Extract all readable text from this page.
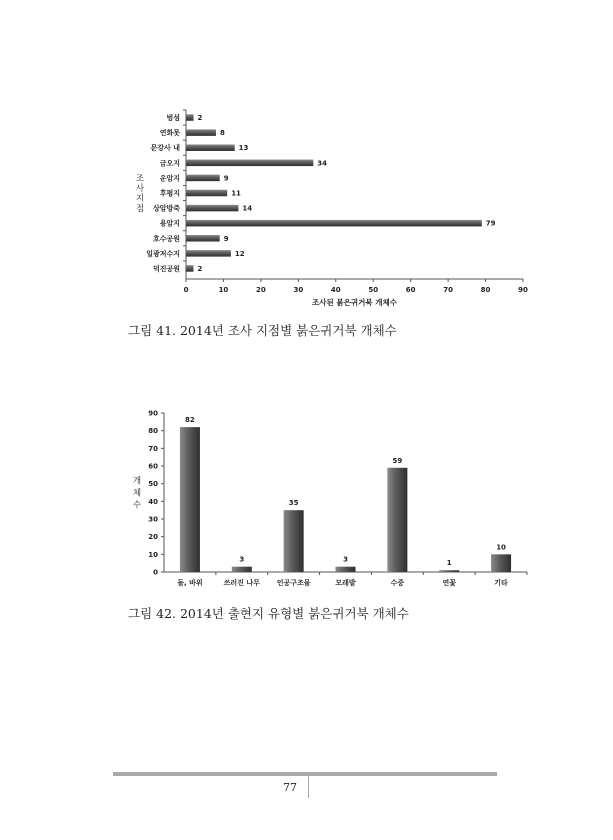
0	10	20	30	40	50	60	70	80	90
범섬 2
연화못	8
문강사 내	13
금오지	34
운암지	9
후평지	11
상암방죽	14
용암지	79
호수공원	9
일광저수지	12
덕진공원 2
조사된 붉은귀거북 개체수
조
사
지
점
0
10
20
30
40
50
60
70
80
90
82
돌, 바위
3
쓰러진 나무
35
인공구조물
3
모래밭
59
수중
1
연꽃
10
기타
개
체
수
그림 41. 2014년 조사 지점별 붉은귀거북 개체수
그림 42. 2014년 출현지 유형별 붉은귀거북 개체수
77
